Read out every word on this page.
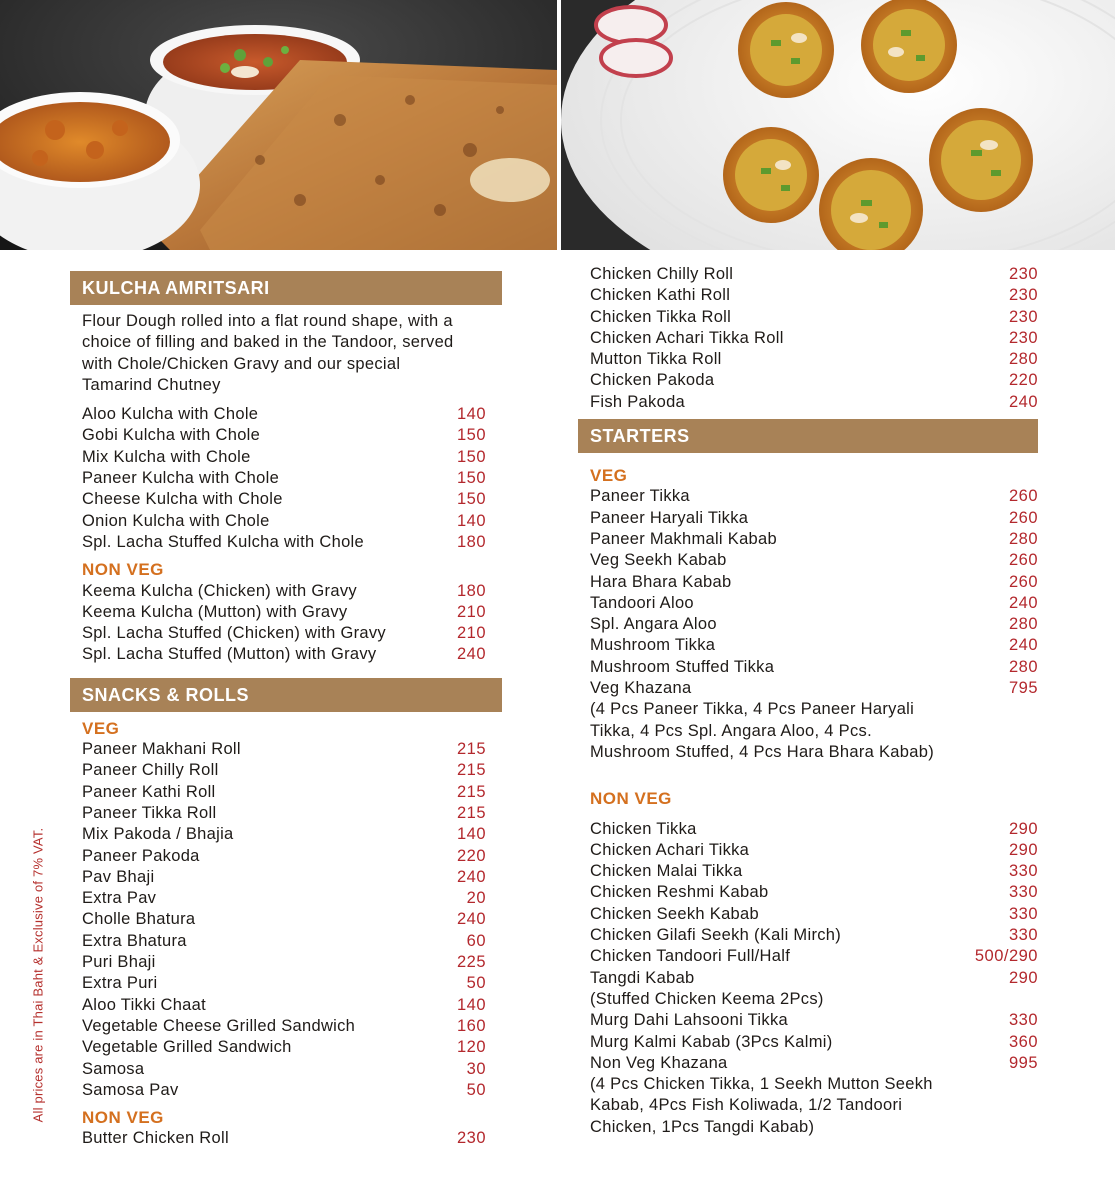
All prices are in Thai Baht & Exclusive of 7% VAT.
KULCHA AMRITSARI
Flour Dough rolled into a flat round shape, with a choice of filling and baked in the Tandoor, served with Chole/Chicken Gravy and our special Tamarind Chutney
Aloo Kulcha with Chole	140
Gobi Kulcha with Chole	150
Mix Kulcha with Chole	150
Paneer Kulcha with Chole	150
Cheese Kulcha with Chole	150
Onion Kulcha with Chole	140
Spl. Lacha Stuffed Kulcha with Chole	180
NON VEG
Keema Kulcha (Chicken) with Gravy	180
Keema Kulcha (Mutton) with Gravy	210
Spl. Lacha Stuffed (Chicken) with Gravy	210
Spl. Lacha Stuffed (Mutton) with Gravy	240
SNACKS & ROLLS
VEG
Paneer Makhani Roll	215
Paneer Chilly Roll	215
Paneer Kathi Roll	215
Paneer Tikka Roll	215
Mix Pakoda / Bhajia	140
Paneer Pakoda	220
Pav Bhaji	240
Extra Pav	20
Cholle Bhatura	240
Extra Bhatura	60
Puri Bhaji	225
Extra Puri	50
Aloo Tikki Chaat	140
Vegetable Cheese Grilled Sandwich	160
Vegetable Grilled Sandwich	120
Samosa	30
Samosa Pav	50
NON VEG
Butter Chicken Roll	230
Chicken Chilly Roll	230
Chicken Kathi Roll	230
Chicken Tikka Roll	230
Chicken Achari Tikka Roll	230
Mutton Tikka Roll	280
Chicken Pakoda	220
Fish Pakoda	240
STARTERS
VEG
Paneer Tikka	260
Paneer Haryali Tikka	260
Paneer Makhmali Kabab	280
Veg Seekh Kabab	260
Hara Bhara Kabab	260
Tandoori Aloo	240
Spl. Angara Aloo	280
Mushroom Tikka	240
Mushroom Stuffed Tikka	280
Veg Khazana	795
(4 Pcs Paneer Tikka, 4 Pcs Paneer Haryali Tikka, 4 Pcs Spl. Angara Aloo, 4 Pcs. Mushroom Stuffed, 4 Pcs Hara Bhara Kabab)
NON VEG
Chicken Tikka	290
Chicken Achari Tikka	290
Chicken Malai Tikka	330
Chicken Reshmi Kabab	330
Chicken Seekh Kabab	330
Chicken Gilafi Seekh (Kali Mirch)	330
Chicken Tandoori Full/Half	500/290
Tangdi Kabab	290
(Stuffed Chicken Keema 2Pcs)
Murg Dahi Lahsooni Tikka	330
Murg Kalmi Kabab (3Pcs Kalmi)	360
Non Veg Khazana	995
(4 Pcs Chicken Tikka, 1 Seekh Mutton Seekh Kabab, 4Pcs Fish Koliwada, 1/2 Tandoori Chicken, 1Pcs Tangdi Kabab)
